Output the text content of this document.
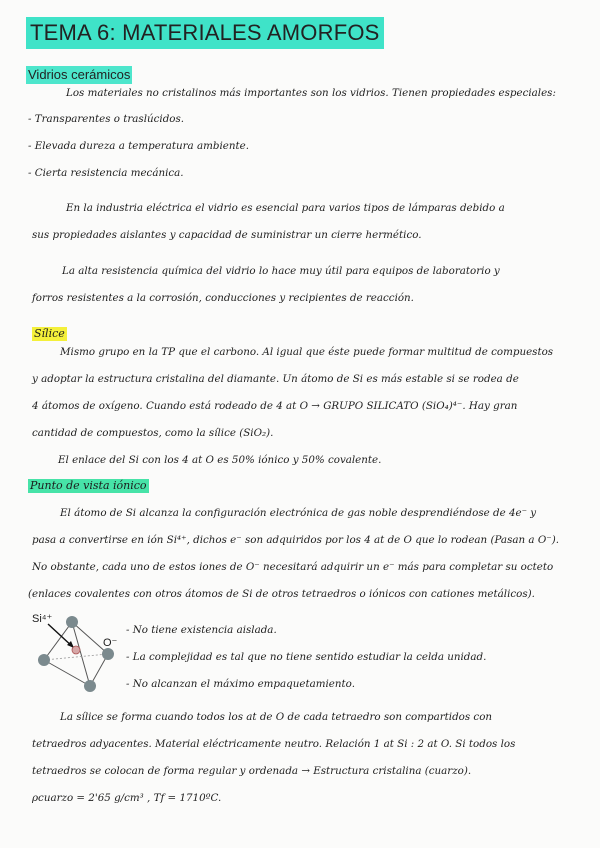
TEMA 6: MATERIALES AMORFOS
Vidrios cerámicos
Los materiales no cristalinos más importantes son los vidrios. Tienen propiedades especiales:
- Transparentes o traslúcidos.
- Elevada dureza a temperatura ambiente.
- Cierta resistencia mecánica.
En la industria eléctrica el vidrio es esencial para varios tipos de lámparas debido a
sus propiedades aislantes y capacidad de suministrar un cierre hermético.
La alta resistencia química del vidrio lo hace muy útil para equipos de laboratorio y
forros resistentes a la corrosión, conducciones y recipientes de reacción.
Sílice
Mismo grupo en la TP que el carbono. Al igual que éste puede formar multitud de compuestos
y adoptar la estructura cristalina del diamante. Un átomo de Si es más estable si se rodea de
4 átomos de oxígeno. Cuando está rodeado de 4 at O → GRUPO SILICATO (SiO₄)⁴⁻. Hay gran
cantidad de compuestos, como la sílice (SiO₂).
El enlace del Si con los 4 at O es 50% iónico y 50% covalente.
Punto de vista iónico
El átomo de Si alcanza la configuración electrónica de gas noble desprendiéndose de 4e⁻ y
pasa a convertirse en ión Si⁴⁺, dichos e⁻ son adquiridos por los 4 at de O que lo rodean (Pasan a O⁻).
No obstante, cada uno de estos iones de O⁻ necesitará adquirir un e⁻ más para completar su octeto
(enlaces covalentes con otros átomos de Si de otros tetraedros o iónicos con cationes metálicos).
Si⁴⁺
O⁻
- No tiene existencia aislada.
- La complejidad es tal que no tiene sentido estudiar la celda unidad.
- No alcanzan el máximo empaquetamiento.
La sílice se forma cuando todos los at de O de cada tetraedro son compartidos con
tetraedros adyacentes. Material eléctricamente neutro. Relación 1 at Si : 2 at O. Si todos los
tetraedros se colocan de forma regular y ordenada → Estructura cristalina (cuarzo).
ρcuarzo = 2'65 g/cm³ , Tf = 1710ºC.
